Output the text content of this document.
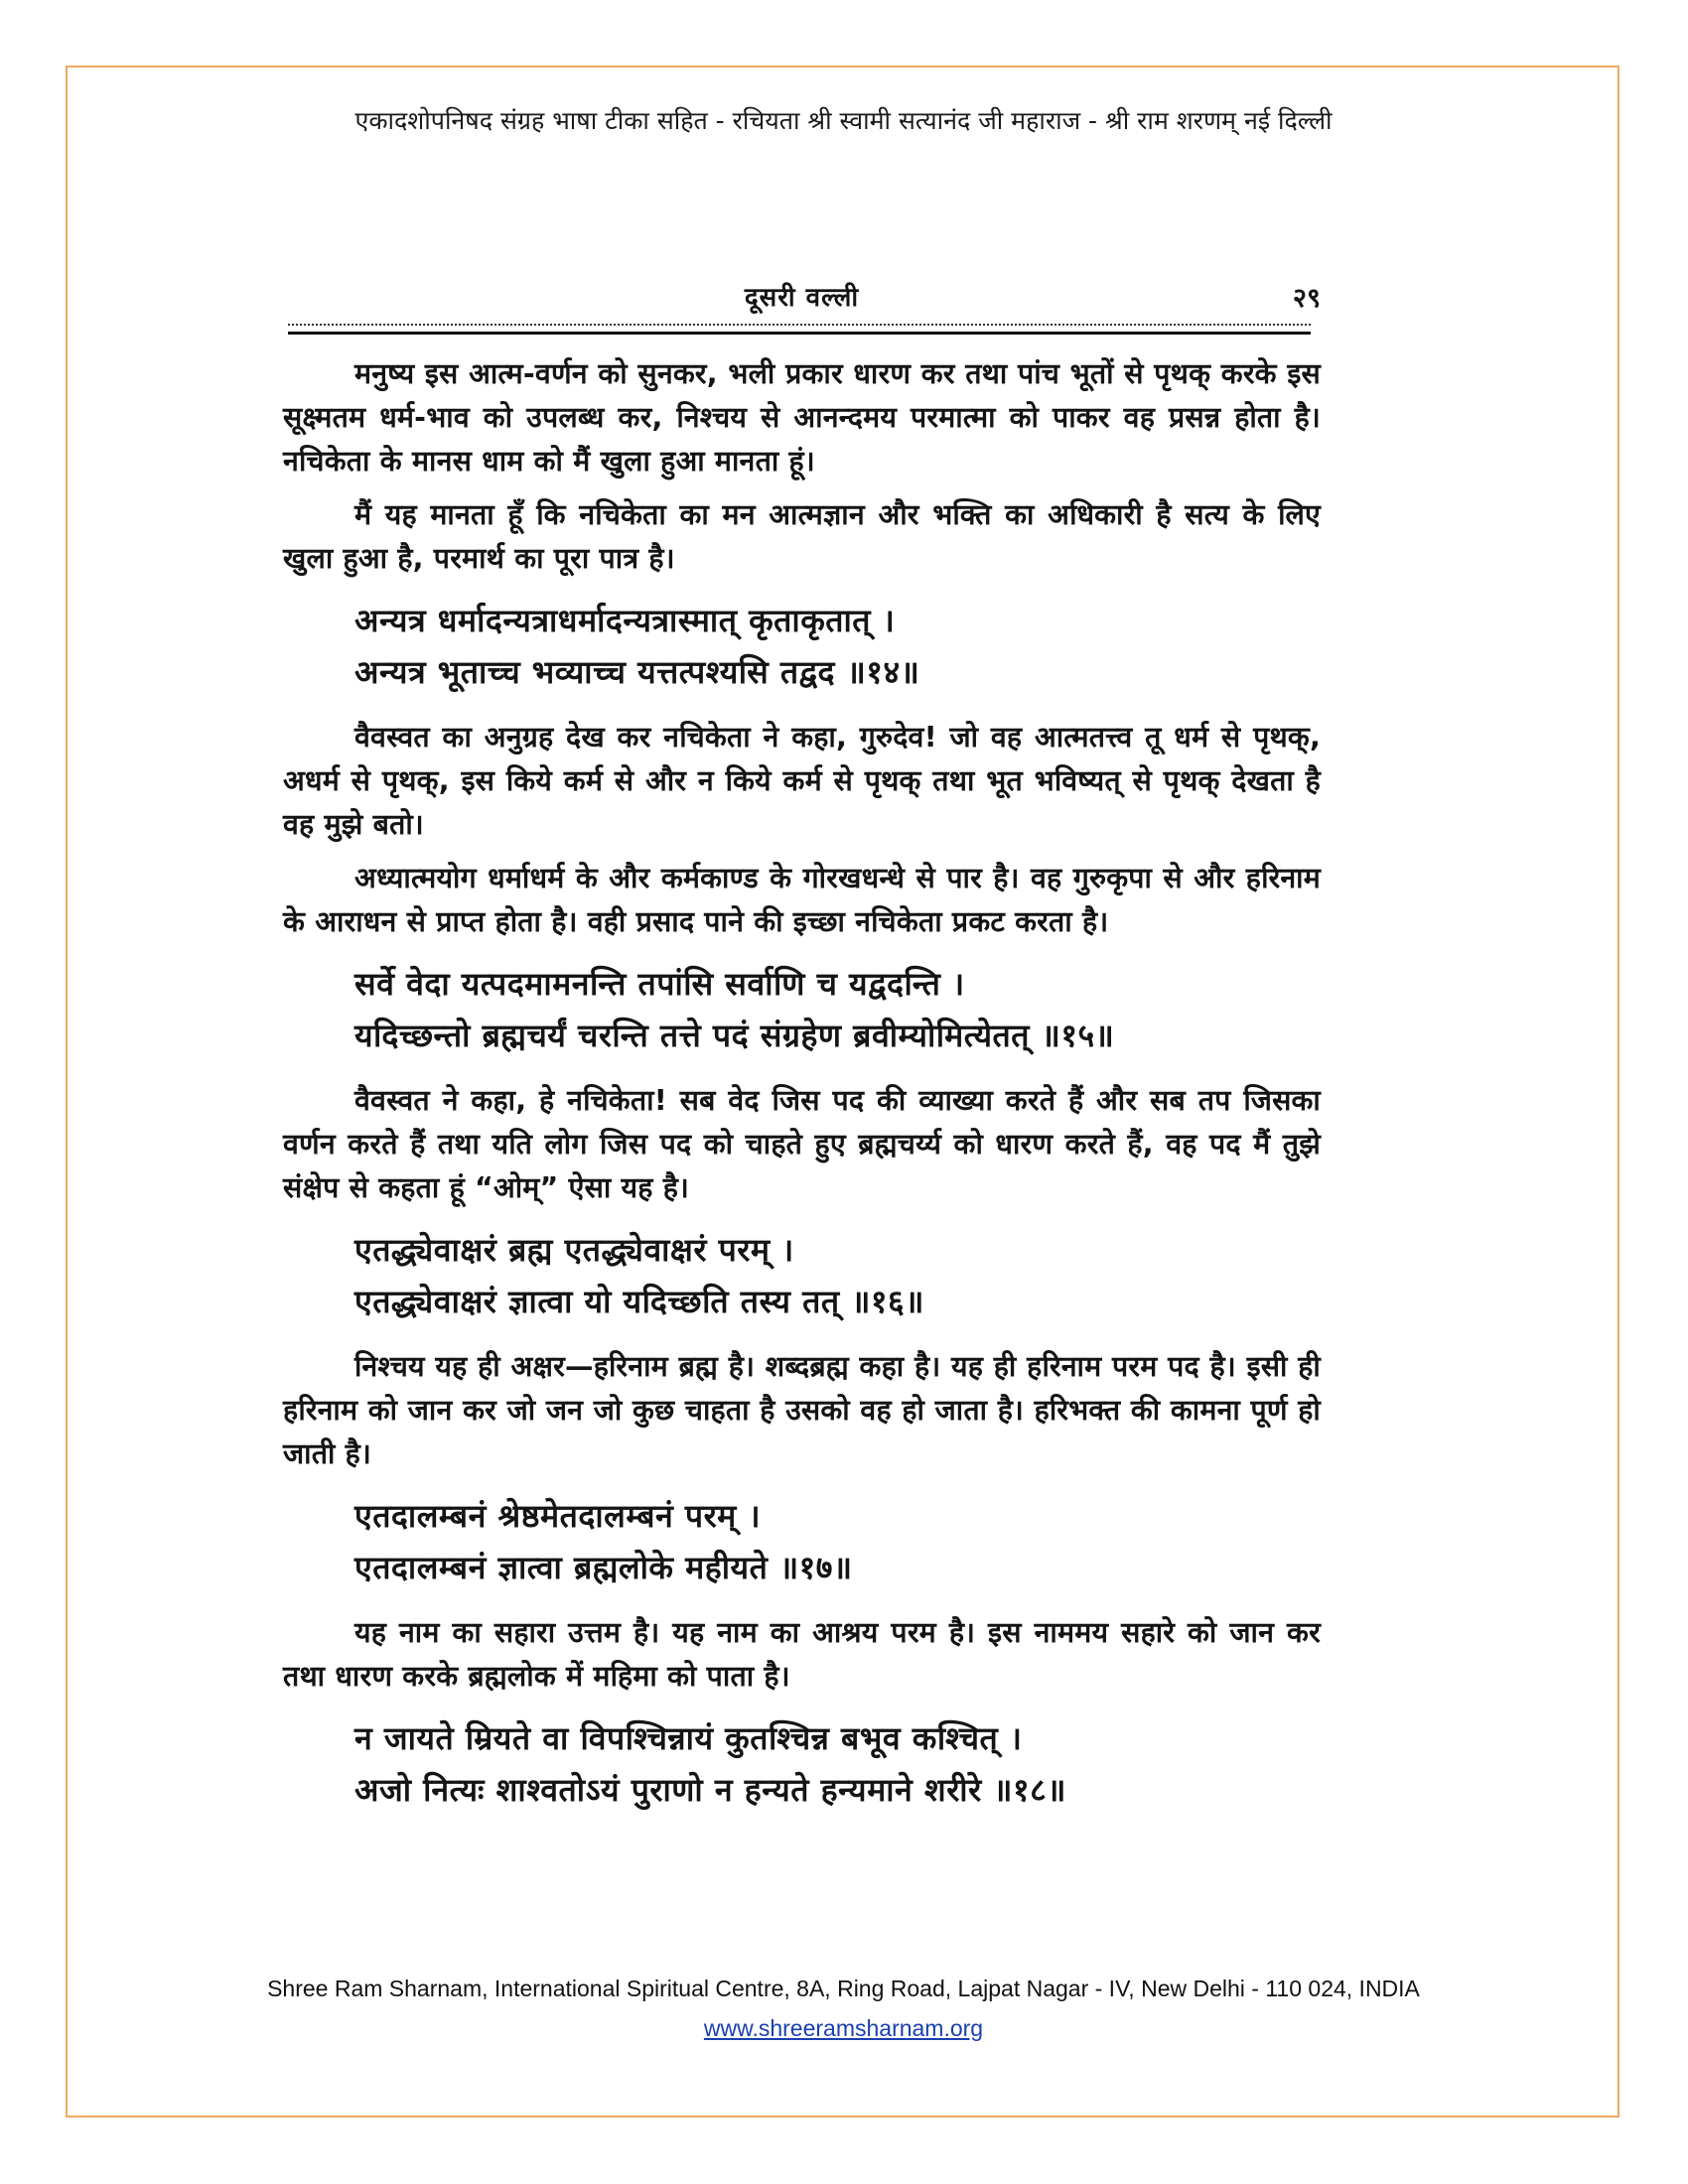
एकादशोपनिषद संग्रह भाषा टीका सहित - रचियता श्री स्वामी सत्यानंद जी महाराज - श्री राम शरणम् नई दिल्ली
दूसरी वल्ली	२९

मनुष्य इस आत्म-वर्णन को सुनकर, भली प्रकार धारण कर तथा पांच भूतों से पृथक् करके इस सूक्ष्मतम धर्म-भाव को उपलब्ध कर, निश्चय से आनन्दमय परमात्मा को पाकर वह प्रसन्न होता है। नचिकेता के मानस धाम को मैं खुला हुआ मानता हूं।

मैं यह मानता हूँ कि नचिकेता का मन आत्मज्ञान और भक्ति का अधिकारी है सत्य के लिए खुला हुआ है, परमार्थ का पूरा पात्र है।

अन्यत्र धर्मादन्यत्राधर्मादन्यत्रास्मात् कृताकृतात् ।
अन्यत्र भूताच्च भव्याच्च यत्तत्पश्यसि तद्वद ॥१४॥

वैवस्वत का अनुग्रह देख कर नचिकेता ने कहा, गुरुदेव! जो वह आत्मतत्त्व तू धर्म से पृथक्, अधर्म से पृथक्, इस किये कर्म से और न किये कर्म से पृथक् तथा भूत भविष्यत् से पृथक् देखता है वह मुझे बतो।

अध्यात्मयोग धर्माधर्म के और कर्मकाण्ड के गोरखधन्धे से पार है। वह गुरुकृपा से और हरिनाम के आराधन से प्राप्त होता है। वही प्रसाद पाने की इच्छा नचिकेता प्रकट करता है।

सर्वे वेदा यत्पदमामनन्ति तपांसि सर्वाणि च यद्वदन्ति ।
यदिच्छन्तो ब्रह्मचर्यं चरन्ति तत्ते पदं संग्रहेण ब्रवीम्योमित्येतत् ॥१५॥

वैवस्वत ने कहा, हे नचिकेता! सब वेद जिस पद की व्याख्या करते हैं और सब तप जिसका वर्णन करते हैं तथा यति लोग जिस पद को चाहते हुए ब्रह्मचर्य्य को धारण करते हैं, वह पद मैं तुझे संक्षेप से कहता हूं “ओम्” ऐसा यह है।

एतद्ध्येवाक्षरं ब्रह्म एतद्ध्येवाक्षरं परम् ।
एतद्ध्येवाक्षरं ज्ञात्वा यो यदिच्छति तस्य तत् ॥१६॥

निश्चय यह ही अक्षर—हरिनाम ब्रह्म है। शब्दब्रह्म कहा है। यह ही हरिनाम परम पद है। इसी ही हरिनाम को जान कर जो जन जो कुछ चाहता है उसको वह हो जाता है। हरिभक्त की कामना पूर्ण हो जाती है।

एतदालम्बनं श्रेष्ठमेतदालम्बनं परम् ।
एतदालम्बनं ज्ञात्वा ब्रह्मलोके महीयते ॥१७॥

यह नाम का सहारा उत्तम है। यह नाम का आश्रय परम है। इस नाममय सहारे को जान कर तथा धारण करके ब्रह्मलोक में महिमा को पाता है।

न जायते म्रियते वा विपश्चिन्नायं कुतश्चिन्न बभूव कश्चित् ।
अजो नित्यः शाश्वतोऽयं पुराणो न हन्यते हन्यमाने शरीरे ॥१८॥
Shree Ram Sharnam, International Spiritual Centre, 8A, Ring Road, Lajpat Nagar - IV, New Delhi - 110 024, INDIA
www.shreeramsharnam.org
